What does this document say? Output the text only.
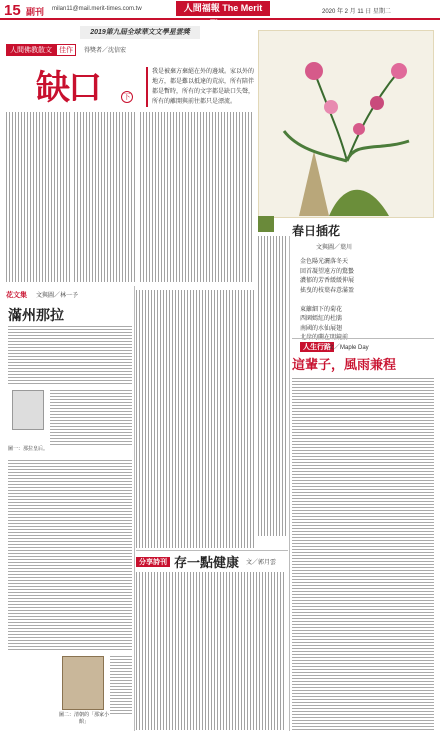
15 副刊 milan11@mail.merit-times.com.tw	人間福報 The Merit Times
2020 年 2 月 11 日 星期二
2019第九屆全球華文文學星雲獎
人間佛教散文	佳作	得獎者／沈信宏
缺口	下
我是被棄方棄絕在外的邊域。家以外的地方，都是難以抵達的荒涼，所有陪伴都是暫時，所有的文字都是缺口失聲，所有的離開與前往都只是漂流。
花文集 文與圖／林一予
滿州那拉
圖一：那拉皇后。
圖二：清朝的「那家小館」
春日插花
文與圖／葉川
金色陽光灑落冬天
回首凝望遠方的驚蟄
濃郁的芳香緩緩伸展
搖曳的枝葉春意滿盈

東籬細下的菊花
西園嫣紅的杜鵑
南國的水仙展翅
人生行路
文／Maple Day
這輩子，風雨兼程
分享詩刊 存一點健康 文／郭月雲
